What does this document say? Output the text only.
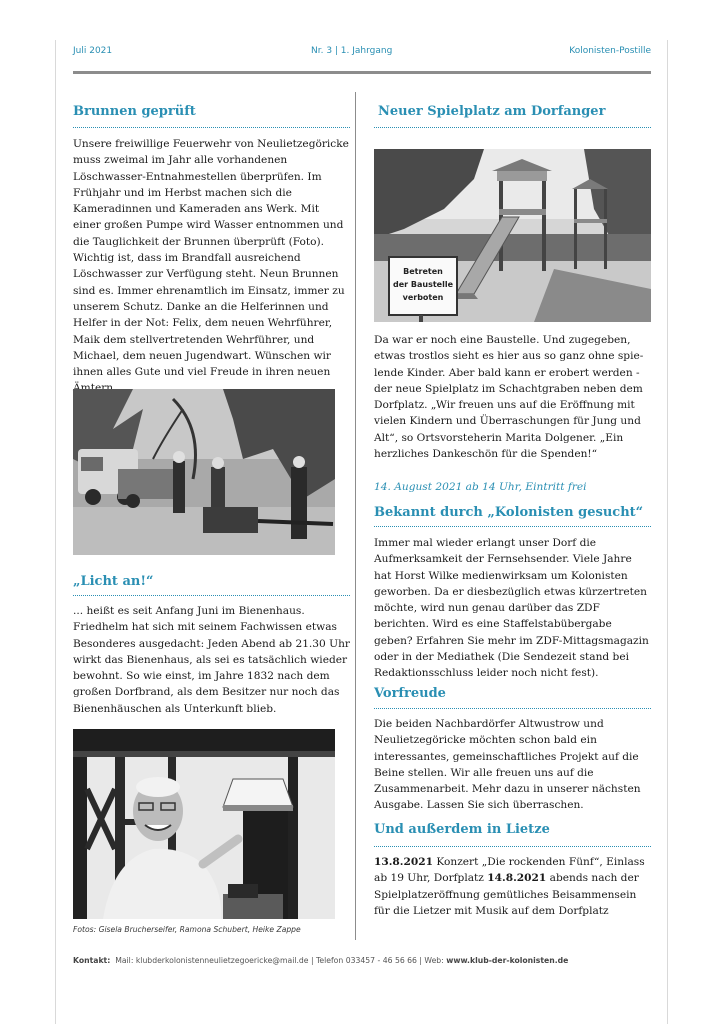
Juli 2021	Nr. 3 | 1. Jahrgang	Kolonisten-Postille
Brunnen geprüft

Unsere freiwillige Feuerwehr von Neulietzegöricke muss zweimal im Jahr alle vorhandenen Löschwasser-Entnahmestellen überprüfen. Im Frühjahr und im Herbst machen sich die Kameradinnen und Kameraden ans Werk. Mit einer großen Pumpe wird Wasser entnommen und die Tauglichkeit der Brunnen überprüft (Foto). Wichtig ist, dass im Brandfall ausreichend Löschwasser zur Verfügung steht. Neun Brunnen sind es. Immer ehrenamtlich im Einsatz, immer zu unserem Schutz. Danke an die Helferinnen und Helfer in der Not: Felix, dem neuen Wehrführer, Maik dem stellvertretenden Wehrführer, und Michael, dem neuen Jugendwart. Wünschen wir ihnen alles Gute und viel Freude in ihren neuen

„Licht an!“

... heißt es seit Anfang Juni im Bienenhaus. Friedhelm hat sich mit seinem Fachwissen etwas Besonderes ausgedacht: Jeden Abend ab 21.30 Uhr wirkt das Bienenhaus, als sei es tatsächlich wieder bewohnt. So wie einst, im Jahre 1832 nach dem großen Dorfbrand, als dem Besitzer nur noch das Bienenhäuschen als Unterkunft blieb.

Fotos: Gisela Brucherseifer, Ramona Schubert, Heike Zappe
Neuer Spielplatz am Dorfanger
Betreten
der Baustelle
verboten

Da war er noch eine Baustelle. Und zugegeben, etwas trostlos sieht es hier aus so ganz ohne spie-lende Kinder. Aber bald kann er erobert werden - der neue Spielplatz im Schachtgraben neben dem Dorfplatz. „Wir freuen uns auf die Eröffnung mit vielen Kindern und Überraschungen für Jung und Alt“, so Ortsvorsteherin Marita Dolgener. „Ein herzliches Dankeschön für die Spenden!“

14. August 2021 ab 14 Uhr, Eintritt frei
Bekannt durch „Kolonisten gesucht“

Immer mal wieder erlangt unser Dorf die Aufmerksamkeit der Fernsehsender. Viele Jahre hat Horst Wilke medienwirksam um Kolonisten geworben. Da er diesbezüglich etwas kürzertreten möchte, wird nun genau darüber das ZDF berichten. Wird es eine Staffelstabübergabe geben? Erfahren Sie mehr im ZDF-Mittagsmagazin oder in der Mediathek (Die Sendezeit stand bei Redaktionsschluss leider noch nicht fest).

Vorfreude

Die beiden Nachbardörfer Altwustrow und Neulietzegöricke möchten schon bald ein interessantes, gemeinschaftliches Projekt auf die Beine stellen. Wir alle freuen uns auf die Zusammenarbeit. Mehr dazu in unserer nächsten Ausgabe. Lassen Sie sich überraschen.

Und außerdem in Lietze

13.8.2021 Konzert „Die rockenden Fünf“, Einlass ab 19 Uhr, Dorfplatz 14.8.2021 abends nach der Spielplatzeröffnung gemütliches Beisammensein für die Lietzer mit Musik auf dem Dorfplatz

Kontakt: Mail: klubderkolonistenneulietzegoericke@mail.de | Telefon 033457 - 46 56 66 | Web: www.klub-der-kolonisten.de
